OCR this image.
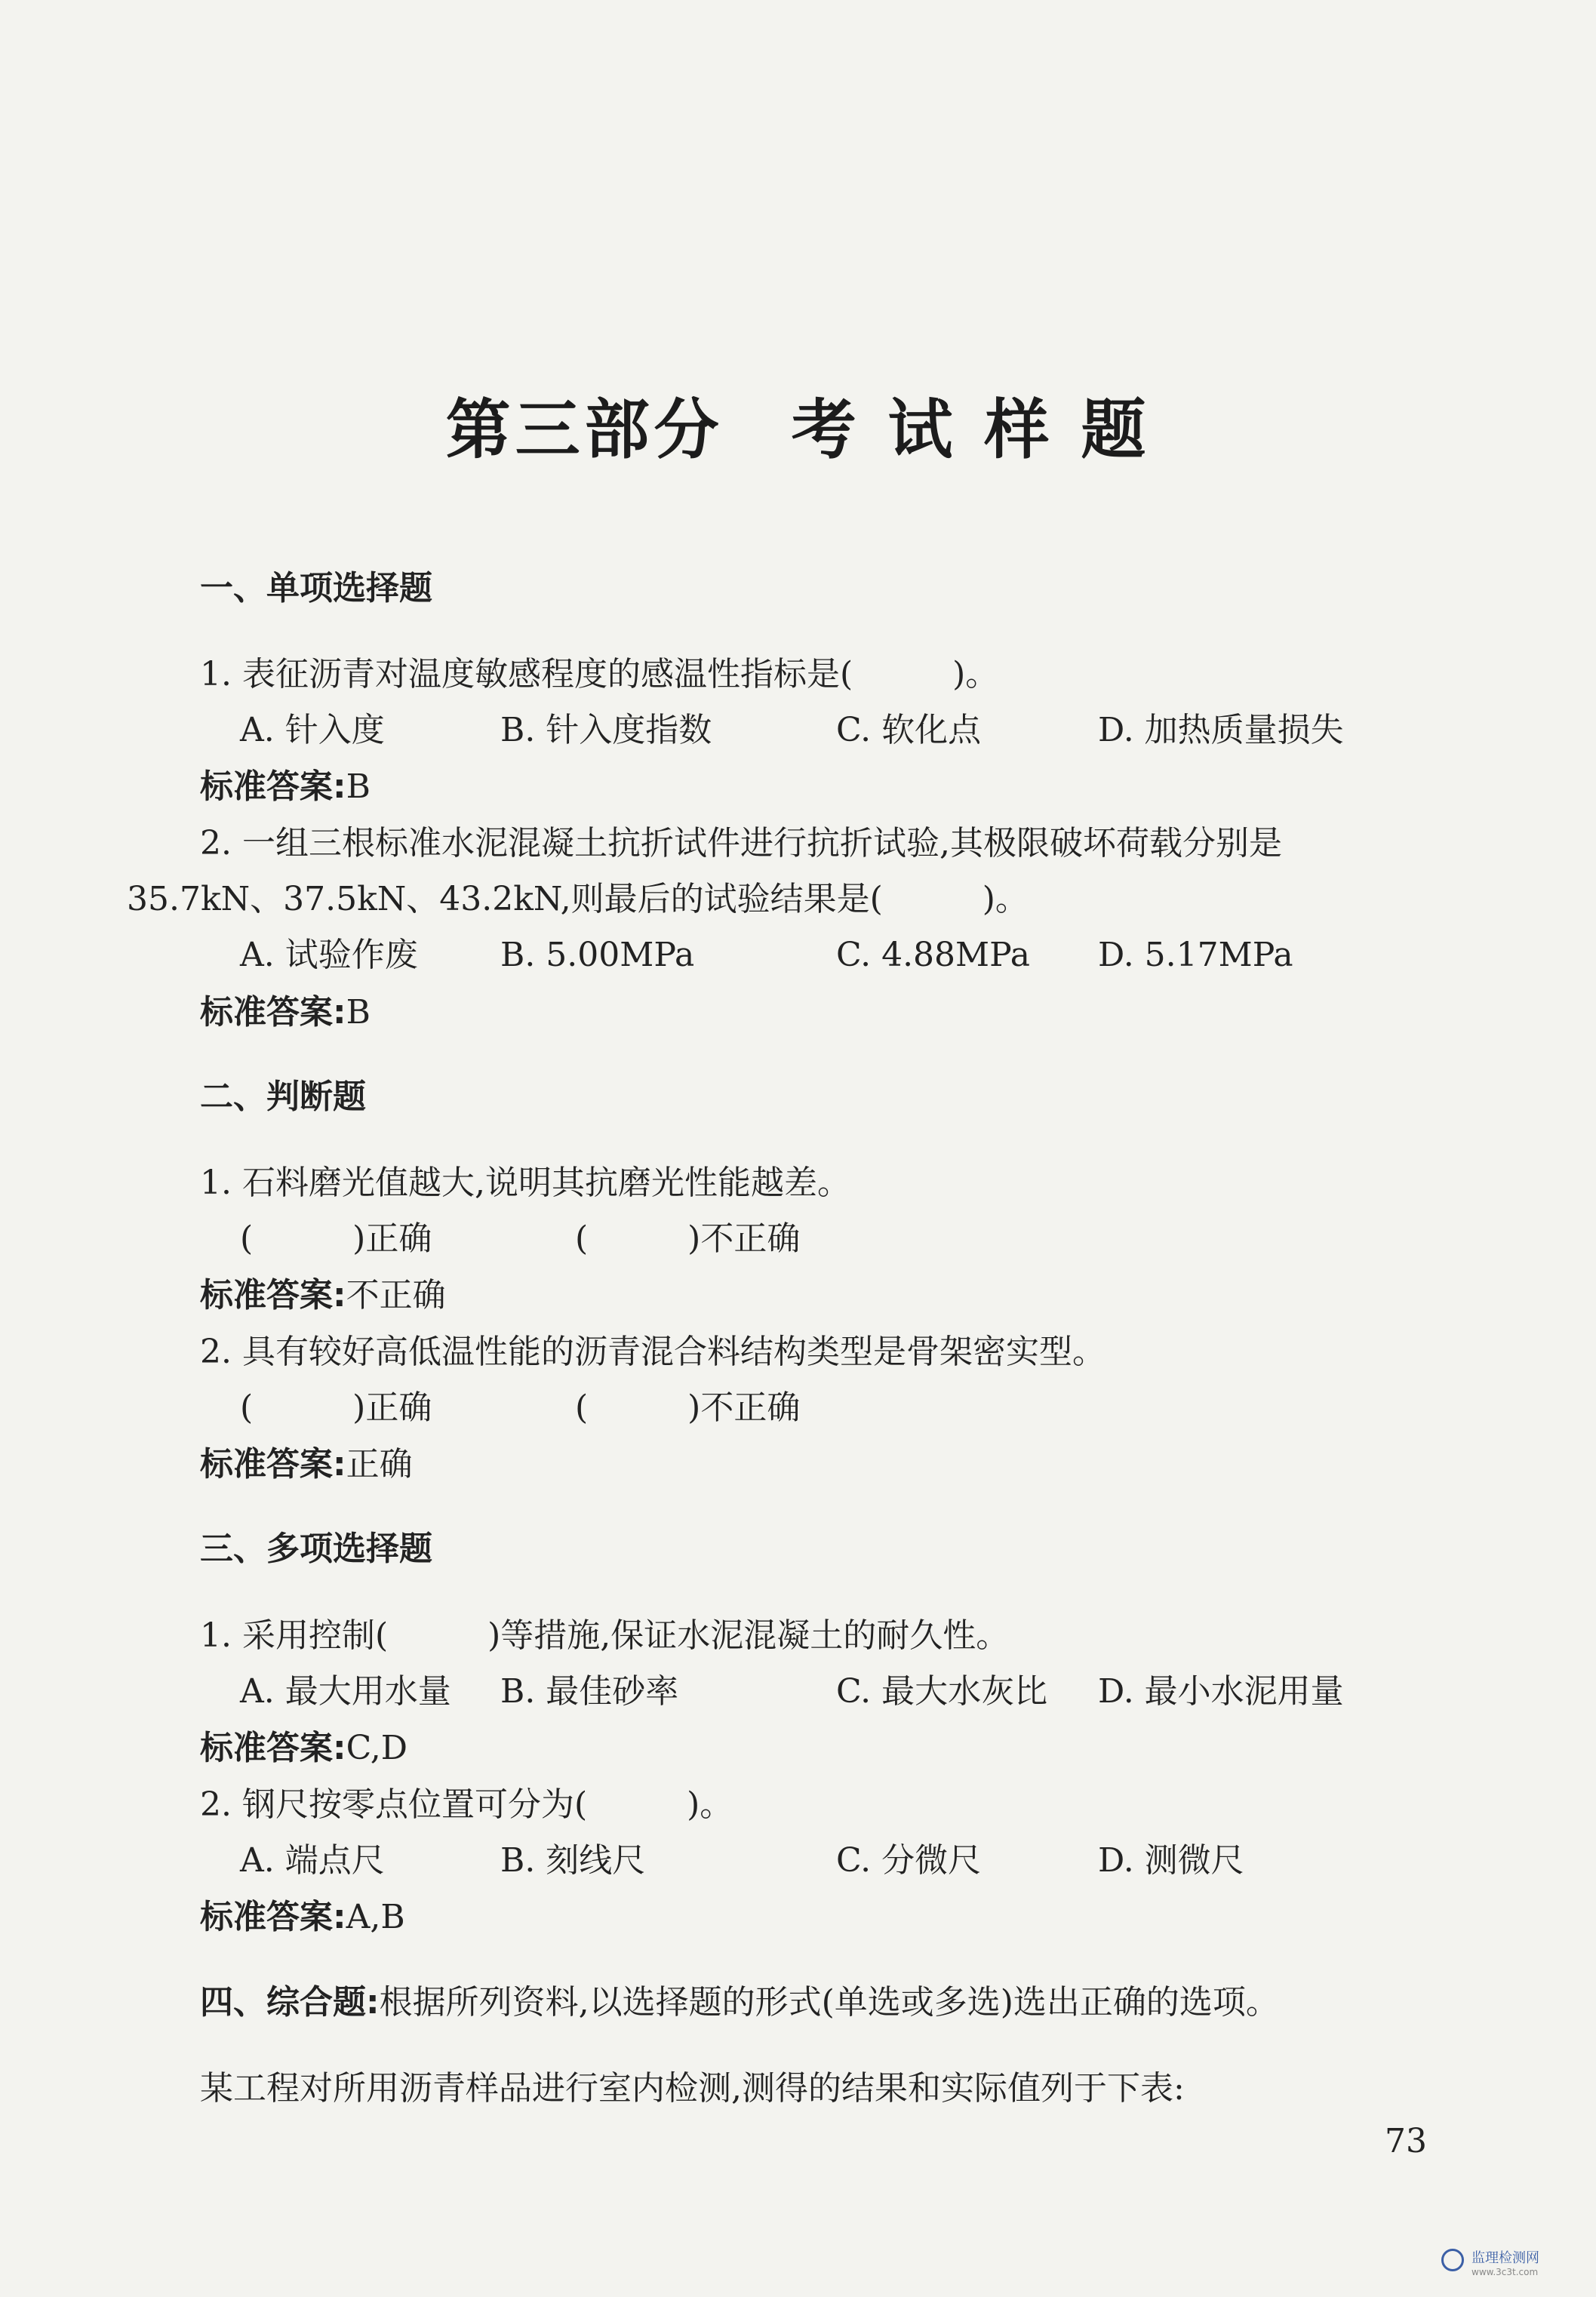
第三部分 考 试 样 题
一、单项选择题
1. 表征沥青对温度敏感程度的感温性指标是(　　　)。
A. 针入度	B. 针入度指数	C. 软化点	D. 加热质量损失
标准答案:B
2. 一组三根标准水泥混凝土抗折试件进行抗折试验,其极限破坏荷载分别是
35.7kN、37.5kN、43.2kN,则最后的试验结果是(　　　)。
A. 试验作废 B. 5.00MPa	C. 4.88MPa D. 5.17MPa
标准答案:B
二、判断题
1. 石料磨光值越大,说明其抗磨光性能越差。
(　　　)正确	(　　　)不正确
标准答案:不正确
2. 具有较好高低温性能的沥青混合料结构类型是骨架密实型。
(　　　)正确	(　　　)不正确
标准答案:正确
三、多项选择题
1. 采用控制(　　　)等措施,保证水泥混凝土的耐久性。
A. 最大用水量 B. 最佳砂率	C. 最大水灰比 D. 最小水泥用量
标准答案:C,D
2. 钢尺按零点位置可分为(　　　)。
A. 端点尺	B. 刻线尺	C. 分微尺	D. 测微尺
标准答案:A,B
四、综合题:根据所列资料,以选择题的形式(单选或多选)选出正确的选项。
某工程对所用沥青样品进行室内检测,测得的结果和实际值列于下表:
73
监理检测网
www.3c3t.com
